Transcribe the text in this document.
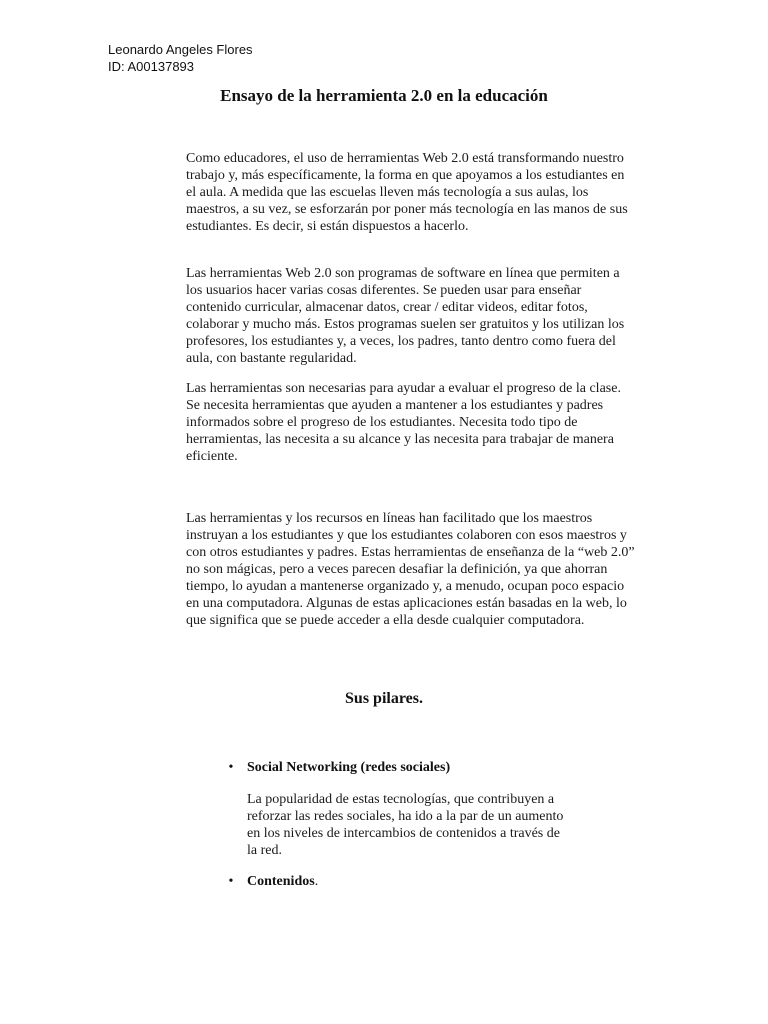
Leonardo Angeles Flores
ID: A00137893
Ensayo de la herramienta 2.0 en la educación

Como educadores, el uso de herramientas Web 2.0 está transformando nuestro trabajo y, más específicamente, la forma en que apoyamos a los estudiantes en el aula. A medida que las escuelas lleven más tecnología a sus aulas, los maestros, a su vez, se esforzarán por poner más tecnología en las manos de sus estudiantes. Es decir, si están dispuestos a hacerlo.

Las herramientas Web 2.0 son programas de software en línea que permiten a los usuarios hacer varias cosas diferentes. Se pueden usar para enseñar contenido curricular, almacenar datos, crear / editar videos, editar fotos, colaborar y mucho más. Estos programas suelen ser gratuitos y los utilizan los profesores, los estudiantes y, a veces, los padres, tanto dentro como fuera del aula, con bastante regularidad.

Las herramientas son necesarias para ayudar a evaluar el progreso de la clase. Se necesita herramientas que ayuden a mantener a los estudiantes y padres informados sobre el progreso de los estudiantes. Necesita todo tipo de herramientas, las necesita a su alcance y las necesita para trabajar de manera eficiente.

Las herramientas y los recursos en líneas han facilitado que los maestros instruyan a los estudiantes y que los estudiantes colaboren con esos maestros y con otros estudiantes y padres. Estas herramientas de enseñanza de la “web 2.0” no son mágicas, pero a veces parecen desafiar la definición, ya que ahorran tiempo, lo ayudan a mantenerse organizado y, a menudo, ocupan poco espacio en una computadora. Algunas de estas aplicaciones están basadas en la web, lo que significa que se puede acceder a ella desde cualquier computadora.

Sus pilares.
• Social Networking (redes sociales)

La popularidad de estas tecnologías, que contribuyen a reforzar las redes sociales, ha ido a la par de un aumento en los niveles de intercambios de contenidos a través de la red.

• Contenidos.
